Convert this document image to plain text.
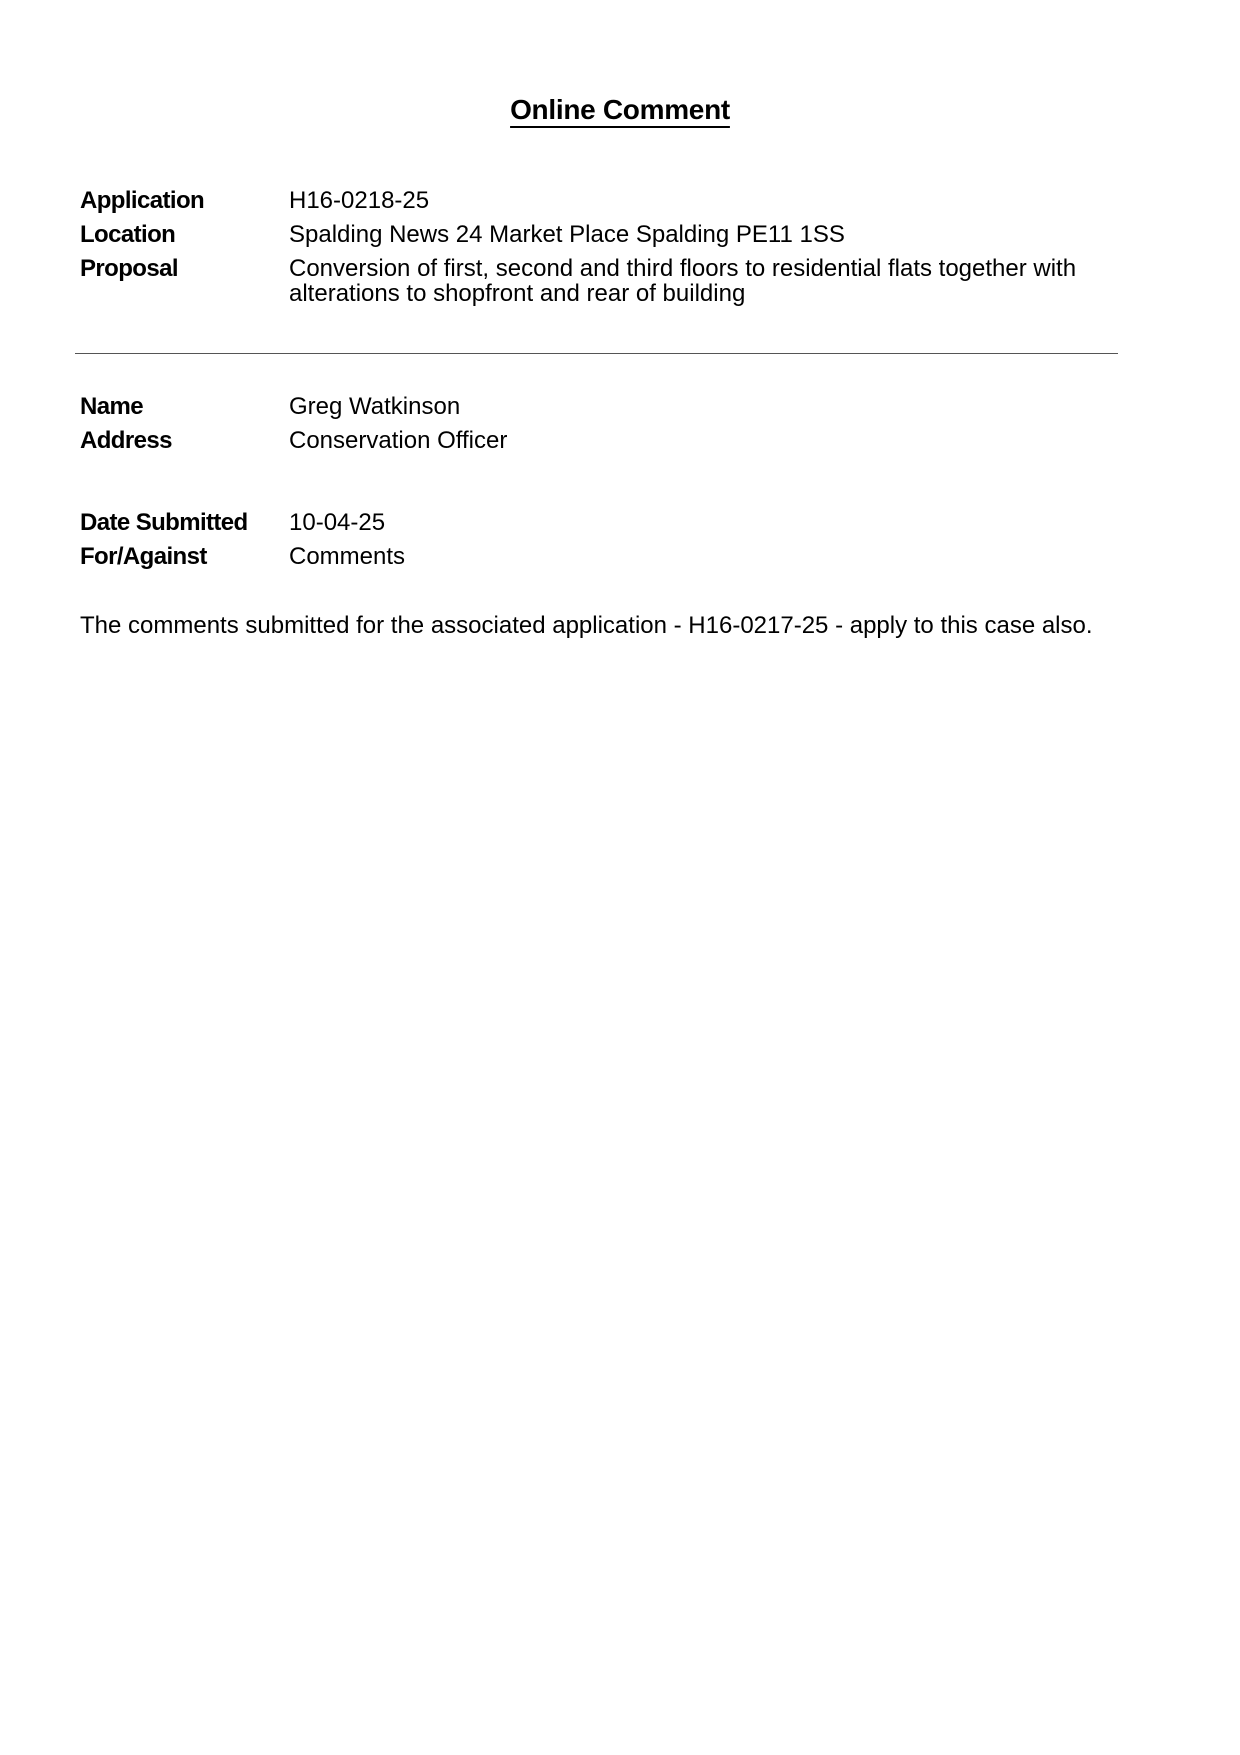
Online Comment
Application	H16-0218-25
Location	Spalding News 24 Market Place Spalding PE11 1SS
Proposal	Conversion of first, second and third floors to residential flats together with alterations to shopfront and rear of building
Name	Greg Watkinson
Address	Conservation Officer
Date Submitted	10-04-25
For/Against	Comments
The comments submitted for the associated application - H16-0217-25 - apply to this case also.
